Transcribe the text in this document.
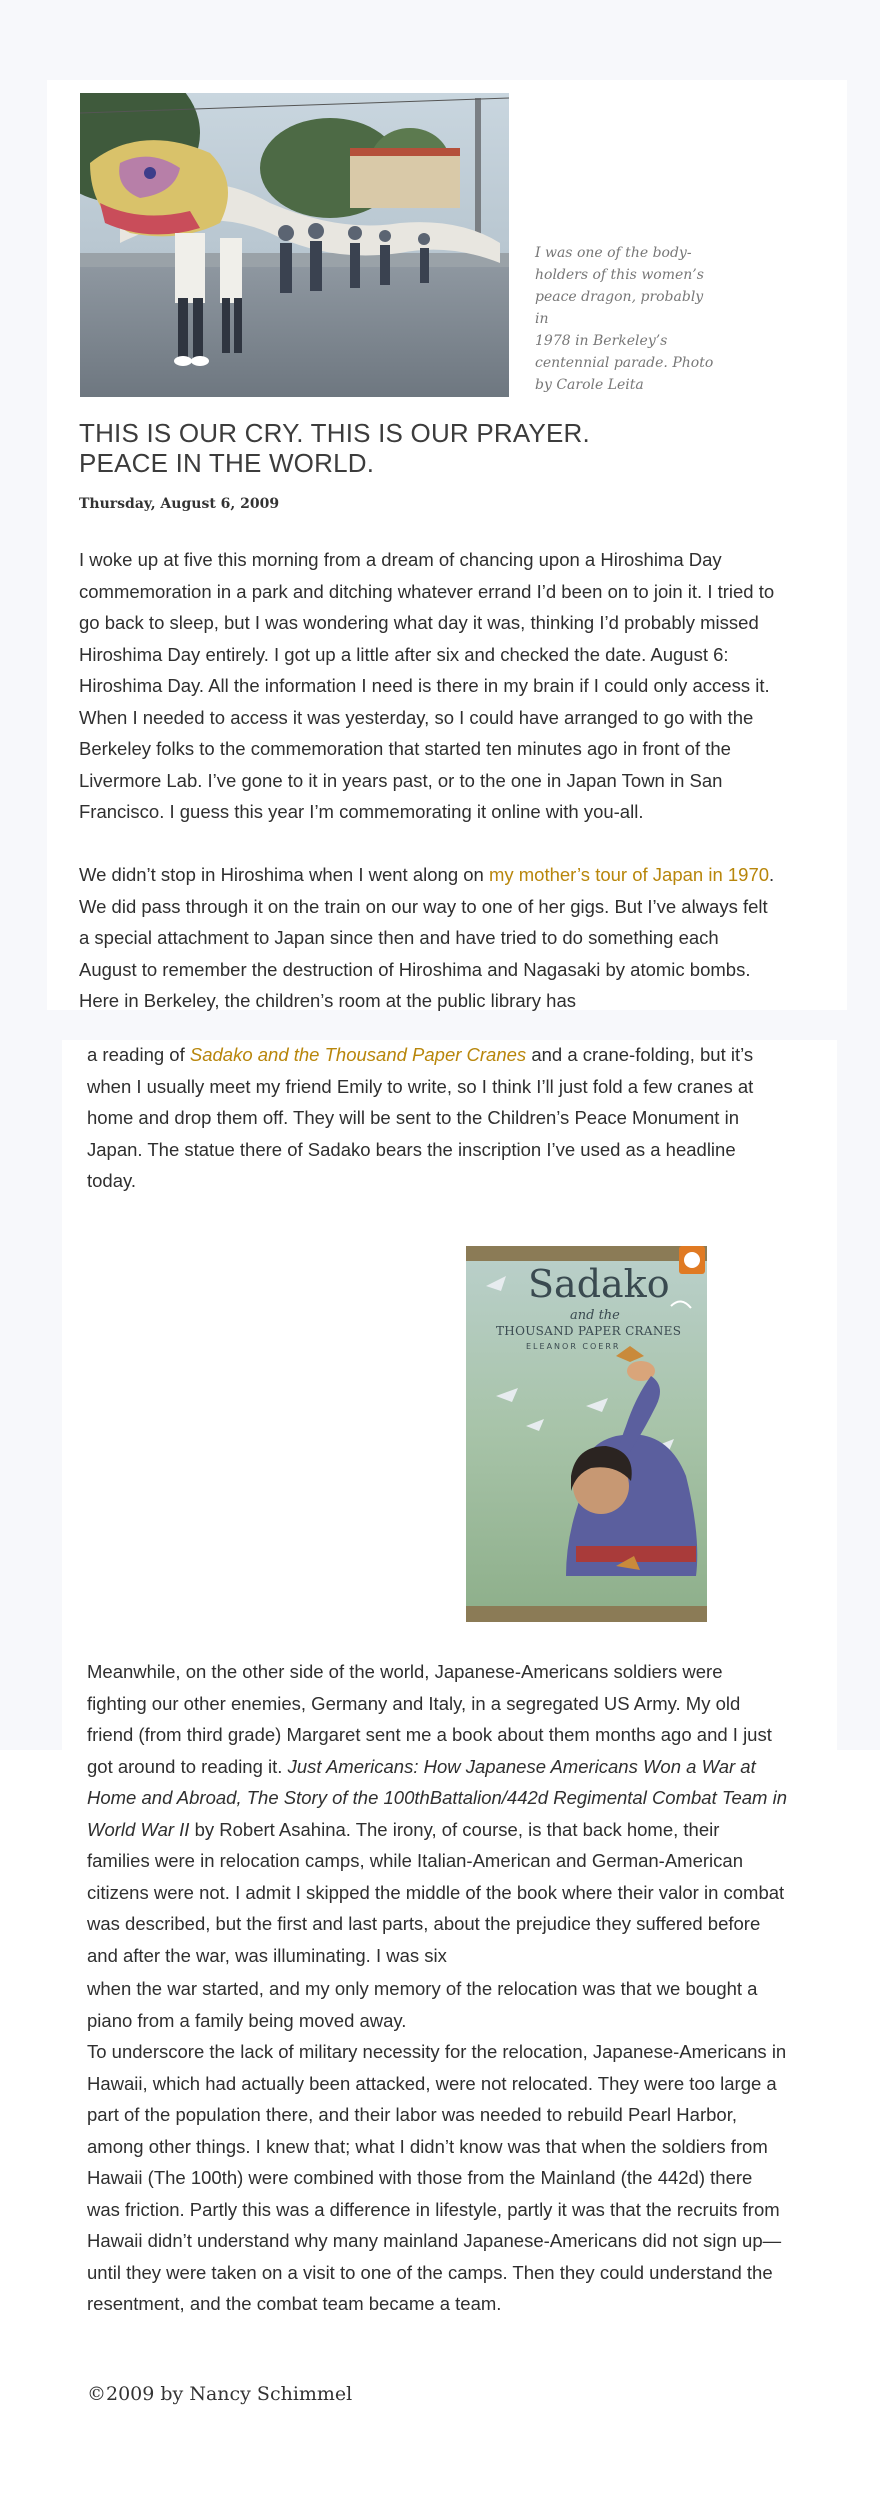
I was one of the body-
holders of this women’s
peace dragon, probably in
1978 in Berkeley’s
centennial parade. Photo
by Carole Leita
THIS IS OUR CRY. THIS IS OUR PRAYER.
PEACE IN THE WORLD.
Thursday, August 6, 2009

I woke up at five this morning from a dream of chancing upon a Hiroshima Day commemoration in a park and ditching whatever errand I’d been on to join it. I tried to go back to sleep, but I was wondering what day it was, thinking I’d probably missed Hiroshima Day entirely. I got up a little after six and checked the date. August 6: Hiroshima Day. All the information I need is there in my brain if I could only access it. When I needed to access it was yesterday, so I could have arranged to go with the Berkeley folks to the commemoration that started ten minutes ago in front of the Livermore Lab. I’ve gone to it in years past, or to the one in Japan Town in San Francisco. I guess this year I’m commemorating it online with you-all.

We didn’t stop in Hiroshima when I went along on my mother’s tour of Japan in 1970. We did pass through it on the train on our way to one of her gigs. But I’ve always felt a special attachment to Japan since then and have tried to do something each August to remember the destruction of Hiroshima and Nagasaki by atomic bombs. Here in Berkeley, the children’s room at the public library has

a reading of Sadako and the Thousand Paper Cranes and a crane-folding, but it’s when I usually meet my friend Emily to write, so I think I’ll just fold a few cranes at home and drop them off. They will be sent to the Children’s Peace Monument in Japan. The statue there of Sadako bears the inscription I’ve used as a headline today.

Sadako
and the
THOUSAND PAPER CRANES
ELEANOR COERR

Meanwhile, on the other side of the world, Japanese-Americans soldiers were fighting our other enemies, Germany and Italy, in a segregated US Army. My old friend (from third grade) Margaret sent me a book about them months ago and I just got around to reading it. Just Americans: How Japanese Americans Won a War at Home and Abroad, The Story of the 100thBattalion/442d Regimental Combat Team in World War II by Robert Asahina. The irony, of course, is that back home, their families were in relocation camps, while Italian-American and German-American citizens were not. I admit I skipped the middle of the book where their valor in combat was described, but the first and last parts, about the prejudice they suffered before and after the war, was illuminating. I was six

when the war started, and my only memory of the relocation was that we bought a piano from a family being moved away.

To underscore the lack of military necessity for the relocation, Japanese-Americans in Hawaii, which had actually been attacked, were not relocated. They were too large a part of the population there, and their labor was needed to rebuild Pearl Harbor, among other things. I knew that; what I didn’t know was that when the soldiers from Hawaii (The 100th) were combined with those from the Mainland (the 442d) there was friction. Partly this was a difference in lifestyle, partly it was that the recruits from Hawaii didn’t understand why many mainland Japanese-Americans did not sign up—until they were taken on a visit to one of the camps. Then they could understand the resentment, and the combat team became a team.

©2009 by Nancy Schimmel
